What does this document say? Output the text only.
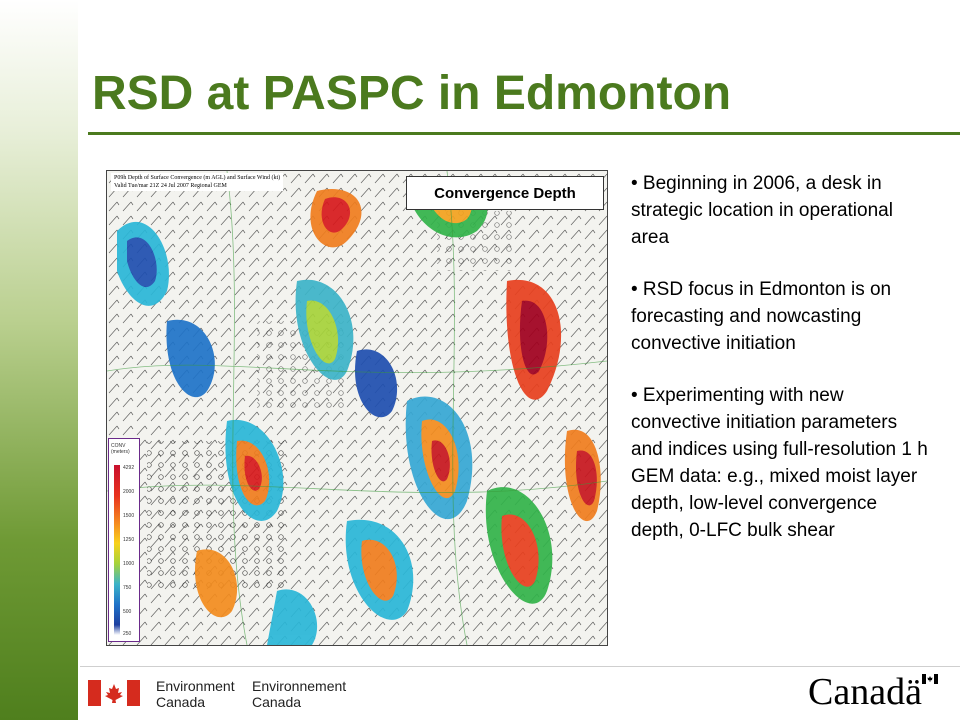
RSD at PASPC in Edmonton
P09h Depth of Surface Convergence (m AGL) and Surface Wind (kt)
Valid Tue/mar 21Z 24 Jul 2007 Regional GEM	Convergence Depth
CONV (meters)
4292
2000
1500
1250
1000
750
500
250
• Beginning in 2006, a desk in strategic location in operational area
• RSD focus in Edmonton is on forecasting and nowcasting convective initiation
• Experimenting with new convective initiation parameters and indices using full-resolution 1 h GEM data: e.g., mixed moist layer depth, low-level convergence depth, 0-LFC bulk shear
Environment
Canada
Environnement
Canada	Canadä
